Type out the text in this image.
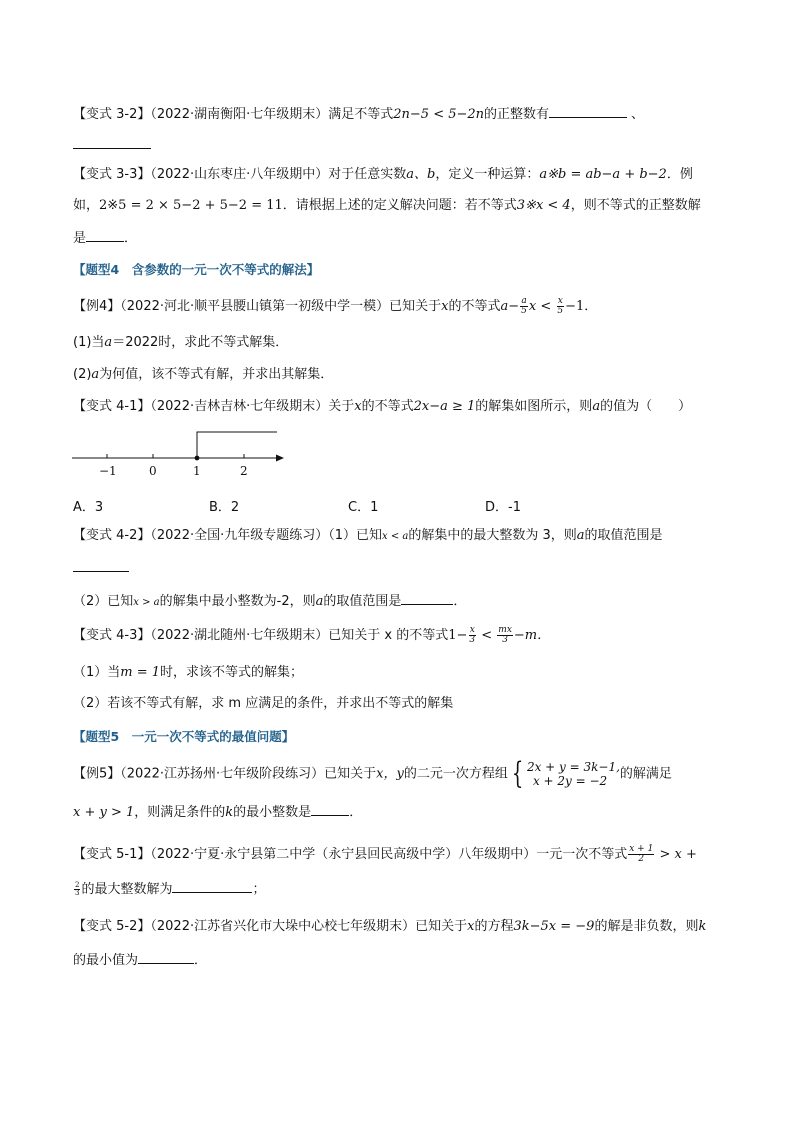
【变式 3-2】（2022·湖南衡阳·七年级期末）满足不等式2n−5 < 5−2n的正整数有	、
【变式 3-3】（2022·山东枣庄·八年级期中）对于任意实数a、b，定义一种运算：a※b = ab−a + b−2．例
如，2※5 = 2 × 5−2 + 5−2 = 11．请根据上述的定义解决问题：若不等式3※x < 4，则不等式的正整数解
是	．
【题型4　含参数的一元一次不等式的解法】
【例4】（2022·河北·顺平县腰山镇第一初级中学一模）已知关于x的不等式$a- \frac{a}{5}$ $x < \frac{x}{5} -1$．
(1)当a＝2022时，求此不等式解集．
(2)a为何值，该不等式有解，并求出其解集．
【变式 4-1】（2022·吉林吉林·七年级期末）关于x的不等式2x−a ≥ 1的解集如图所示，则a的值为（　　）
−1	0	1	2
A．3	B．2	C．1	D．-1
【变式 4-2】（2022·全国·九年级专题练习）（1）已知x < a的解集中的最大整数为 3，则a的取值范围是
（2）已知x > a的解集中最小整数为-2，则a的取值范围是	．
【变式 4-3】（2022·湖北随州·七年级期末）已知关于 x 的不等式$1- \frac{x}{3} < \frac{mx}{3} -m$．
（1）当m = 1时，求该不等式的解集；
（2）若该不等式有解，求 m 应满足的条件，并求出不等式的解集
【题型5　一元一次不等式的最值问题】
【例5】（2022·江苏扬州·七年级阶段练习）已知关于x，y的二元一次方程组 { 2x + y = 3k−1,
x + 2y = −2 的解满足
x + y > 1，则满足条件的k的最小整数是	．
【变式 5-1】（2022·宁夏·永宁县第二中学（永宁县回民高级中学）八年级期中）一元一次不等式 $\frac{x + 1}{2} > x$ +
$\frac{2}{3}$ 的最大整数解为	；
【变式 5-2】（2022·江苏省兴化市大垛中心校七年级期末）已知关于x的方程3k−5x = −9的解是非负数，则k
的最小值为	．
